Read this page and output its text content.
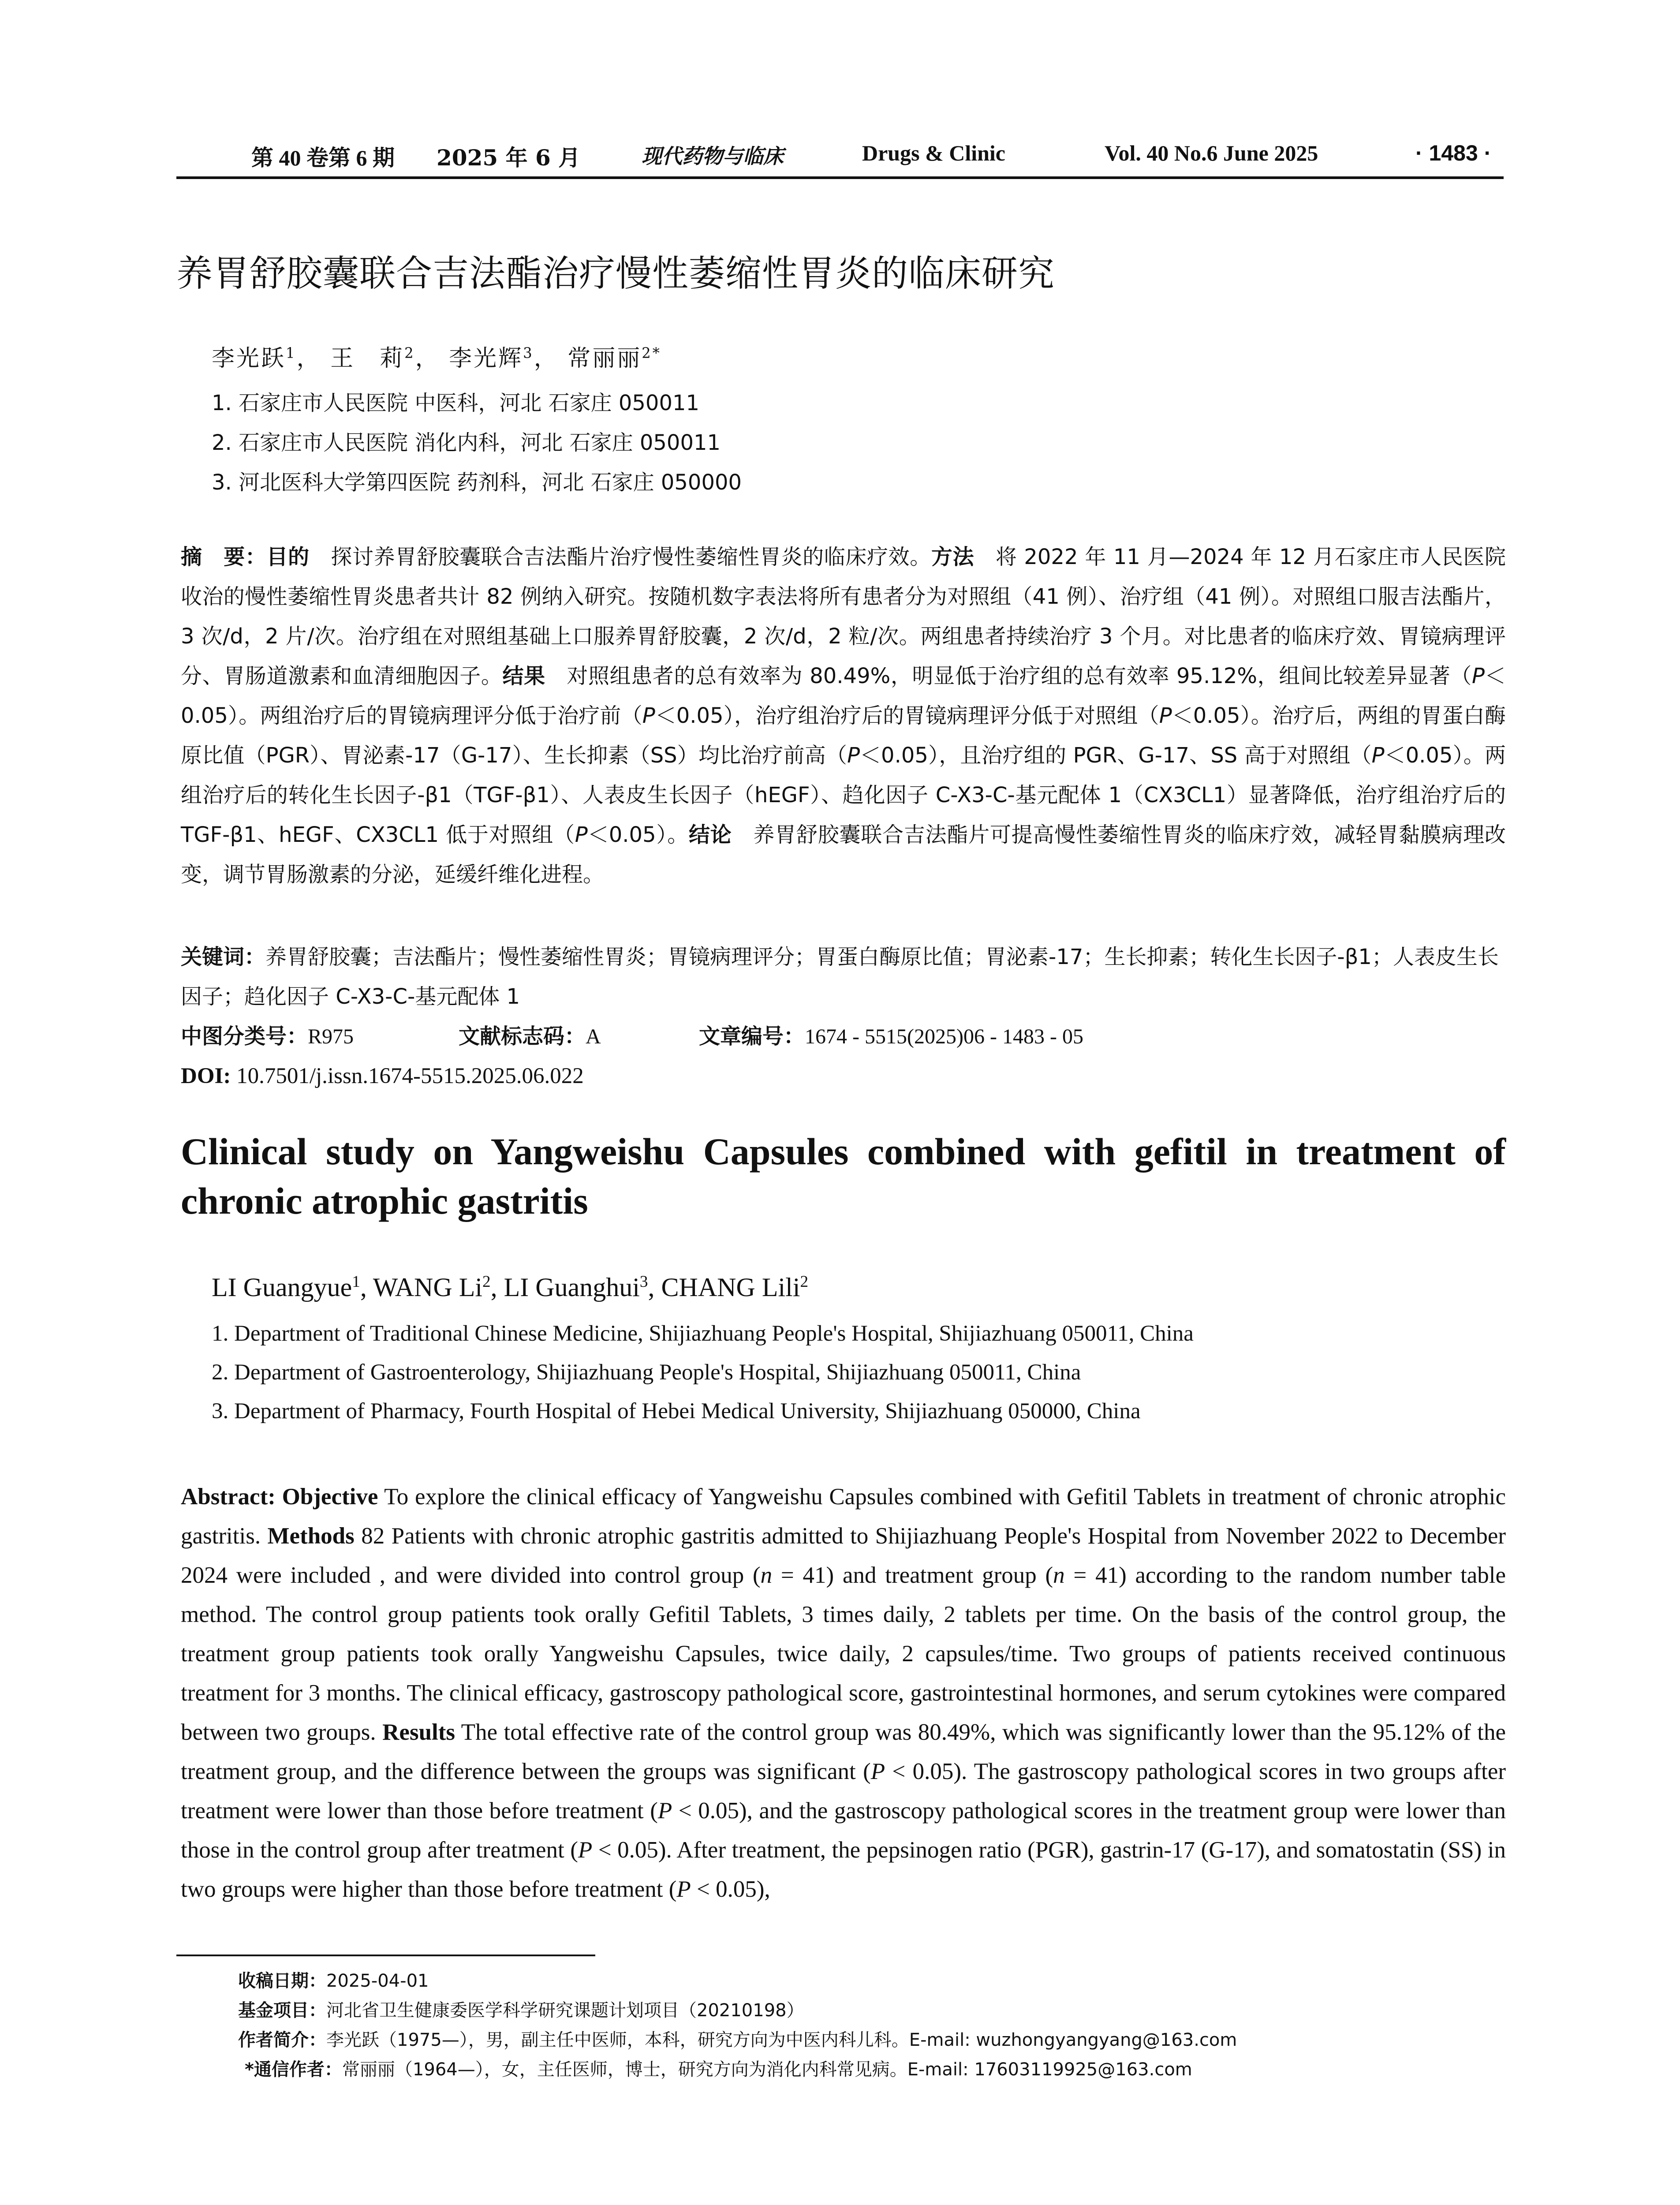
第 40 卷第 6 期 2025 年 6 月	现代药物与临床	Drugs & Clinic	Vol. 40 No.6 June 2025	· 1483 ·
养胃舒胶囊联合吉法酯治疗慢性萎缩性胃炎的临床研究
李光跃$^1$， 王　莉$^2$， 李光辉$^3$， 常丽丽$^{2*}$
1. 石家庄市人民医院 中医科，河北 石家庄 050011
2. 石家庄市人民医院 消化内科，河北 石家庄 050011
3. 河北医科大学第四医院 药剂科，河北 石家庄 050000
摘　要：目的　探讨养胃舒胶囊联合吉法酯片治疗慢性萎缩性胃炎的临床疗效。方法　将 2022 年 11 月—2024 年 12 月石家庄市人民医院收治的慢性萎缩性胃炎患者共计 82 例纳入研究。按随机数字表法将所有患者分为对照组（41 例）、治疗组（41 例）。对照组口服吉法酯片，3 次/d，2 片/次。治疗组在对照组基础上口服养胃舒胶囊，2 次/d，2 粒/次。两组患者持续治疗 3 个月。对比患者的临床疗效、胃镜病理评分、胃肠道激素和血清细胞因子。结果　对照组患者的总有效率为 80.49%，明显低于治疗组的总有效率 95.12%，组间比较差异显著（P＜0.05）。两组治疗后的胃镜病理评分低于治疗前（P＜0.05），治疗组治疗后的胃镜病理评分低于对照组（P＜0.05）。治疗后，两组的胃蛋白酶原比值（PGR）、胃泌素-17（G-17）、生长抑素（SS）均比治疗前高（P＜0.05），且治疗组的 PGR、G-17、SS 高于对照组（P＜0.05）。两组治疗后的转化生长因子-β1（TGF-β1）、人表皮生长因子（hEGF）、趋化因子 C-X3-C-基元配体 1（CX3CL1）显著降低，治疗组治疗后的 TGF-β1、hEGF、CX3CL1 低于对照组（P＜0.05）。结论　养胃舒胶囊联合吉法酯片可提高慢性萎缩性胃炎的临床疗效，减轻胃黏膜病理改变，调节胃肠激素的分泌，延缓纤维化进程。
关键词：养胃舒胶囊；吉法酯片；慢性萎缩性胃炎；胃镜病理评分；胃蛋白酶原比值；胃泌素-17；生长抑素；转化生长因子-β1；人表皮生长因子；趋化因子 C-X3-C-基元配体 1
中图分类号：R975	文献标志码：A	文章编号：1674 - 5515(2025)06 - 1483 - 05
DOI: 10.7501/j.issn.1674-5515.2025.06.022
Clinical study on Yangweishu Capsules combined with gefitil in treatment of chronic atrophic gastritis
LI Guangyue$^1$, WANG Li$^2$, LI Guanghui$^3$, CHANG Lili$^2$
1. Department of Traditional Chinese Medicine, Shijiazhuang People's Hospital, Shijiazhuang 050011, China
2. Department of Gastroenterology, Shijiazhuang People's Hospital, Shijiazhuang 050011, China
3. Department of Pharmacy, Fourth Hospital of Hebei Medical University, Shijiazhuang 050000, China
Abstract: Objective To explore the clinical efficacy of Yangweishu Capsules combined with Gefitil Tablets in treatment of chronic atrophic gastritis. Methods 82 Patients with chronic atrophic gastritis admitted to Shijiazhuang People's Hospital from November 2022 to December 2024 were included , and were divided into control group (n = 41) and treatment group (n = 41) according to the random number table method. The control group patients took orally Gefitil Tablets, 3 times daily, 2 tablets per time. On the basis of the control group, the treatment group patients took orally Yangweishu Capsules, twice daily, 2 capsules/time. Two groups of patients received continuous treatment for 3 months. The clinical efficacy, gastroscopy pathological score, gastrointestinal hormones, and serum cytokines were compared between two groups. Results The total effective rate of the control group was 80.49%, which was significantly lower than the 95.12% of the treatment group, and the difference between the groups was significant (P < 0.05). The gastroscopy pathological scores in two groups after treatment were lower than those before treatment (P < 0.05), and the gastroscopy pathological scores in the treatment group were lower than those in the control group after treatment (P < 0.05). After treatment, the pepsinogen ratio (PGR), gastrin-17 (G-17), and somatostatin (SS) in two groups were higher than those before treatment (P < 0.05),
收稿日期：2025-04-01
基金项目：河北省卫生健康委医学科学研究课题计划项目（20210198）
作者简介：李光跃（1975—），男，副主任中医师，本科，研究方向为中医内科儿科。E-mail: wuzhongyangyang@163.com
*通信作者：常丽丽（1964—），女，主任医师，博士，研究方向为消化内科常见病。E-mail: 17603119925@163.com
